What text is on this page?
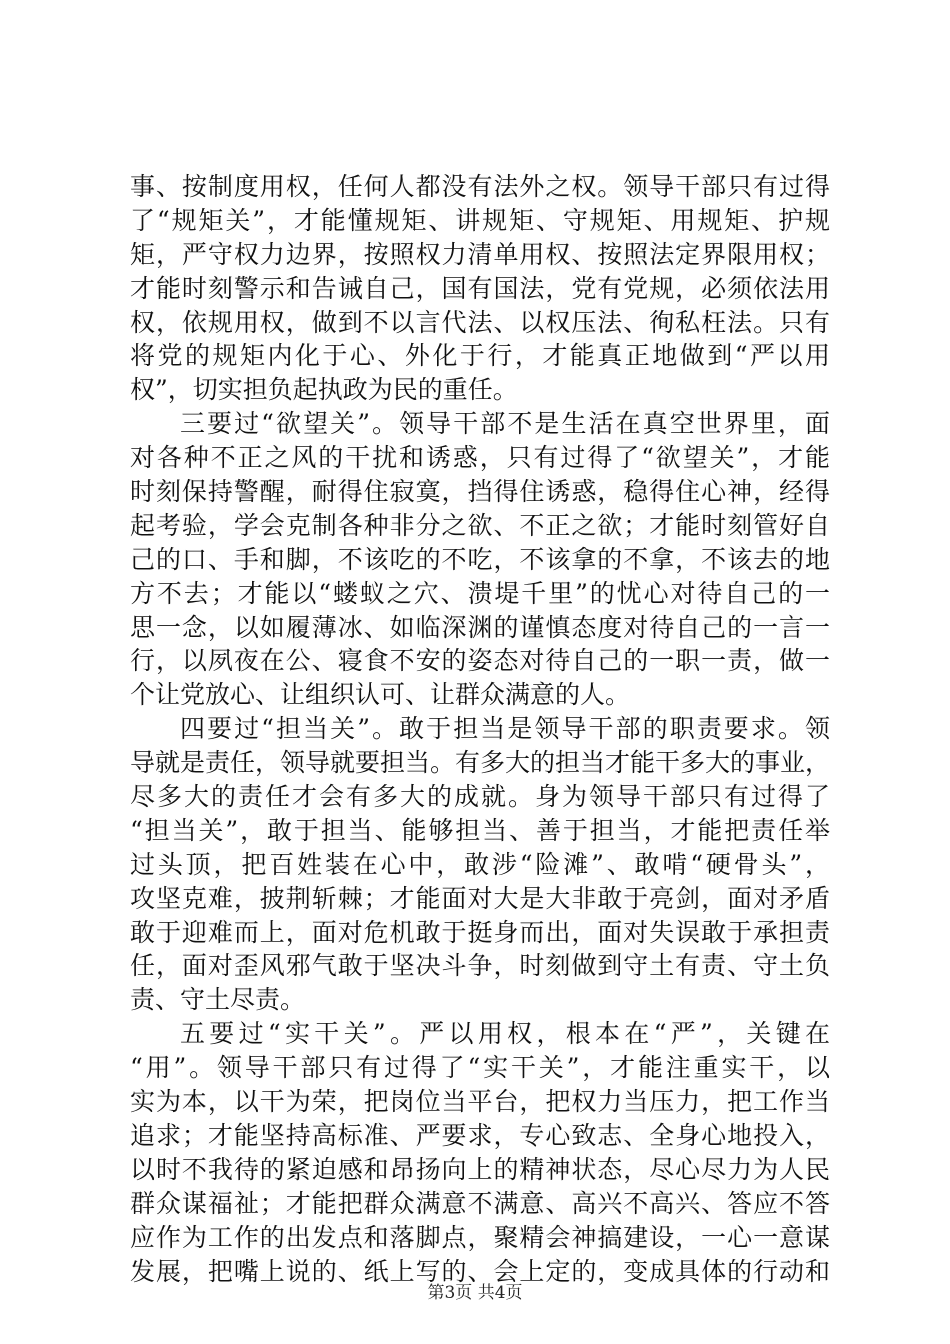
事、按制度用权，任何人都没有法外之权。领导干部只有过得
了“规矩关”，才能懂规矩、讲规矩、守规矩、用规矩、护规
矩，严守权力边界，按照权力清单用权、按照法定界限用权；
才能时刻警示和告诫自己，国有国法，党有党规，必须依法用
权，依规用权，做到不以言代法、以权压法、徇私枉法。只有
将党的规矩内化于心、外化于行，才能真正地做到“严以用
权”，切实担负起执政为民的重任。
三要过“欲望关”。领导干部不是生活在真空世界里，面
对各种不正之风的干扰和诱惑，只有过得了“欲望关”，才能
时刻保持警醒，耐得住寂寞，挡得住诱惑，稳得住心神，经得
起考验，学会克制各种非分之欲、不正之欲；才能时刻管好自
己的口、手和脚，不该吃的不吃，不该拿的不拿，不该去的地
方不去；才能以“蝼蚁之穴、溃堤千里”的忧心对待自己的一
思一念，以如履薄冰、如临深渊的谨慎态度对待自己的一言一
行，以夙夜在公、寝食不安的姿态对待自己的一职一责，做一
个让党放心、让组织认可、让群众满意的人。
四要过“担当关”。敢于担当是领导干部的职责要求。领
导就是责任，领导就要担当。有多大的担当才能干多大的事业，
尽多大的责任才会有多大的成就。身为领导干部只有过得了
“担当关”，敢于担当、能够担当、善于担当，才能把责任举
过头顶，把百姓装在心中，敢涉“险滩”、敢啃“硬骨头”，
攻坚克难，披荆斩棘；才能面对大是大非敢于亮剑，面对矛盾
敢于迎难而上，面对危机敢于挺身而出，面对失误敢于承担责
任，面对歪风邪气敢于坚决斗争，时刻做到守土有责、守土负
责、守土尽责。
五要过“实干关”。严以用权，根本在“严”，关键在
“用”。领导干部只有过得了“实干关”，才能注重实干，以
实为本，以干为荣，把岗位当平台，把权力当压力，把工作当
追求；才能坚持高标准、严要求，专心致志、全身心地投入，
以时不我待的紧迫感和昂扬向上的精神状态，尽心尽力为人民
群众谋福祉；才能把群众满意不满意、高兴不高兴、答应不答
应作为工作的出发点和落脚点，聚精会神搞建设，一心一意谋
发展，把嘴上说的、纸上写的、会上定的，变成具体的行动和
第3页 共4页
